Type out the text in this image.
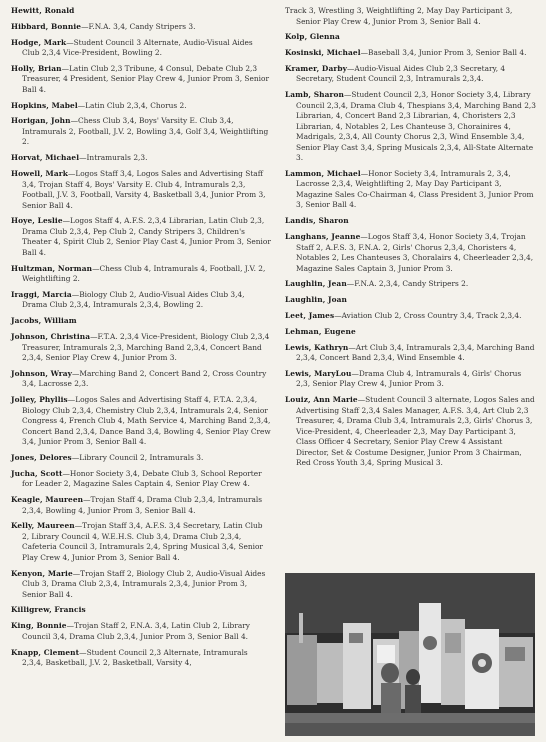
Hewitt, Ronald
Hibbard, Bonnie—F.N.A. 3,4, Candy Stripers 3.
Hodge, Mark—Student Council 3 Alternate, Audio-Visual Aides Club 2,3,4 Vice-President, Bowling 2.
Holly, Brian—Latin Club 2,3 Tribune, 4 Consul, Debate Club 2,3 Treasurer, 4 President, Senior Play Crew 4, Junior Prom 3, Senior Ball 4.
Hopkins, Mabel—Latin Club 2,3,4, Chorus 2.
Horigan, John—Chess Club 3,4, Boys' Varsity E. Club 3,4, Intramurals 2, Football, J.V. 2, Bowling 3,4, Golf 3,4, Weightlifting 2.
Horvat, Michael—Intramurals 2,3.
Howell, Mark—Logos Staff 3,4, Logos Sales and Advertising Staff 3,4, Trojan Staff 4, Boys' Varsity E. Club 4, Intramurals 2,3, Football, J.V. 3, Football, Varsity 4, Basketball 3,4, Junior Prom 3, Senior Ball 4.
Hoye, Leslie—Logos Staff 4, A.F.S. 2,3,4 Librarian, Latin Club 2,3, Drama Club 2,3,4, Pep Club 2, Candy Stripers 3, Children's Theater 4, Spirit Club 2, Senior Play Cast 4, Junior Prom 3, Senior Ball 4.
Hultzman, Norman—Chess Club 4, Intramurals 4, Football, J.V. 2, Weightlifting 2.
Iraggi, Marcia—Biology Club 2, Audio-Visual Aides Club 3,4, Drama Club 2,3,4, Intramurals 2,3,4, Bowling 2.
Jacobs, William
Johnson, Christina—F.T.A. 2,3,4 Vice-President, Biology Club 2,3,4 Treasurer, Intramurals 2,3, Marching Band 2,3,4, Concert Band 2,3,4, Senior Play Crew 4, Junior Prom 3.
Johnson, Wray—Marching Band 2, Concert Band 2, Cross Country 3,4, Lacrosse 2,3.
Jolley, Phyllis—Logos Sales and Advertising Staff 4, F.T.A. 2,3,4, Biology Club 2,3,4, Chemistry Club 2,3,4, Intramurals 2,4, Senior Congress 4, French Club 4, Math Service 4, Marching Band 2,3,4, Concert Band 2,3,4, Dance Band 3,4, Bowling 4, Senior Play Crew 3,4, Junior Prom 3, Senior Ball 4.
Jones, Delores—Library Council 2, Intramurals 3.
Jucha, Scott—Honor Society 3,4, Debate Club 3, School Reporter for Leader 2, Magazine Sales Captain 4, Senior Play Crew 4.
Keagle, Maureen—Trojan Staff 4, Drama Club 2,3,4, Intramurals 2,3,4, Bowling 4, Junior Prom 3, Senior Ball 4.
Kelly, Maureen—Trojan Staff 3,4, A.F.S. 3,4 Secretary, Latin Club 2, Library Council 4, W.E.H.S. Club 3,4, Drama Club 2,3,4, Cafeteria Council 3, Intramurals 2,4, Spring Musical 3,4, Senior Play Crew 4, Junior Prom 3, Senior Ball 4.
Kenyon, Marie—Trojan Staff 2, Biology Club 2, Audio-Visual Aides Club 3, Drama Club 2,3,4, Intramurals 2,3,4, Junior Prom 3, Senior Ball 4.
Killigrew, Francis
King, Bonnie—Trojan Staff 2, F.N.A. 3,4, Latin Club 2, Library Council 3,4, Drama Club 2,3,4, Junior Prom 3, Senior Ball 4.
Knapp, Clement—Student Council 2,3 Alternate, Intramurals 2,3,4, Basketball, J.V. 2, Basketball, Varsity 4,
Track 3, Wrestling 3, Weightlifting 2, May Day Participant 3, Senior Play Crew 4, Junior Prom 3, Senior Ball 4.
Kolp, Glenna
Kosinski, Michael—Baseball 3,4, Junior Prom 3, Senior Ball 4.
Kramer, Darby—Audio-Visual Aides Club 2,3 Secretary, 4 Secretary, Student Council 2,3, Intramurals 2,3,4.
Lamb, Sharon—Student Council 2,3, Honor Society 3,4, Library Council 2,3,4, Drama Club 4, Thespians 3,4, Marching Band 2,3 Librarian, 4, Concert Band 2,3 Librarian, 4, Choristers 2,3 Librarian, 4, Notables 2, Les Chanteuse 3, Chorainires 4, Madrigals, 2,3,4, All County Chorus 2,3, Wind Ensemble 3,4, Senior Play Cast 3,4, Spring Musicals 2,3,4, All-State Alternate 3.
Lammon, Michael—Honor Society 3,4, Intramurals 2, 3,4, Lacrosse 2,3,4, Weightlifting 2, May Day Participant 3, Magazine Sales Co-Chairman 4, Class President 3, Junior Prom 3, Senior Ball 4.
Landis, Sharon
Langhans, Jeanne—Logos Staff 3,4, Honor Society 3,4, Trojan Staff 2, A.F.S. 3, F.N.A. 2, Girls' Chorus 2,3,4, Choristers 4, Notables 2, Les Chanteuses 3, Choralairs 4, Cheerleader 2,3,4, Magazine Sales Captain 3, Junior Prom 3.
Laughlin, Jean—F.N.A. 2,3,4, Candy Stripers 2.
Laughlin, Joan
Leet, James—Aviation Club 2, Cross Country 3,4, Track 2,3,4.
Lehman, Eugene
Lewis, Kathryn—Art Club 3,4, Intramurals 2,3,4, Marching Band 2,3,4, Concert Band 2,3,4, Wind Ensemble 4.
Lewis, MaryLou—Drama Club 4, Intramurals 4, Girls' Chorus 2,3, Senior Play Crew 4, Junior Prom 3.
Louiz, Ann Marie—Student Council 3 alternate, Logos Sales and Advertising Staff 2,3,4 Sales Manager, A.F.S. 3,4, Art Club 2,3 Treasurer, 4, Drama Club 3,4, Intramurals 2,3, Girls' Chorus 3, Vice-President, 4, Cheerleader 2,3, May Day Participant 3, Class Officer 4 Secretary, Senior Play Crew 4 Assistant Director, Set & Costume Designer, Junior Prom 3 Chairman, Red Cross Youth 3,4, Spring Musical 3.
